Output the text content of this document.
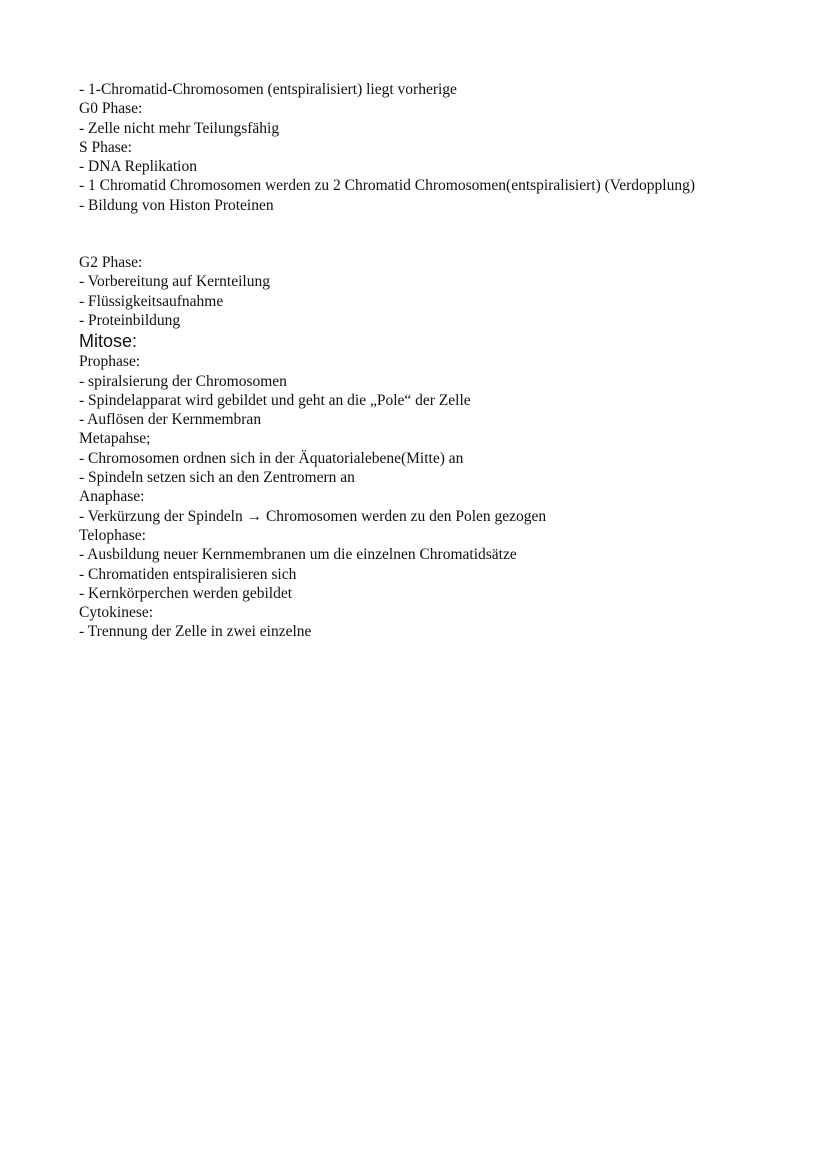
- 1-Chromatid-Chromosomen (entspiralisiert) liegt vorherige
G0 Phase:
- Zelle nicht mehr Teilungsfähig
S Phase:
- DNA Replikation
- 1 Chromatid Chromosomen werden zu 2 Chromatid Chromosomen(entspiralisiert) (Verdopplung)
- Bildung von Histon Proteinen
G2 Phase:
- Vorbereitung auf Kernteilung
- Flüssigkeitsaufnahme
- Proteinbildung
Mitose:
Prophase:
- spiralsierung der Chromosomen
- Spindelapparat wird gebildet und geht an die „Pole“ der Zelle
- Auflösen der Kernmembran
Metapahse;
- Chromosomen ordnen sich in der Äquatorialebene(Mitte) an
- Spindeln setzen sich an den Zentromern an
Anaphase:
- Verkürzung der Spindeln → Chromosomen werden zu den Polen gezogen
Telophase:
- Ausbildung neuer Kernmembranen um die einzelnen Chromatidsätze
- Chromatiden entspiralisieren sich
- Kernkörperchen werden gebildet
Cytokinese:
- Trennung der Zelle in zwei einzelne
